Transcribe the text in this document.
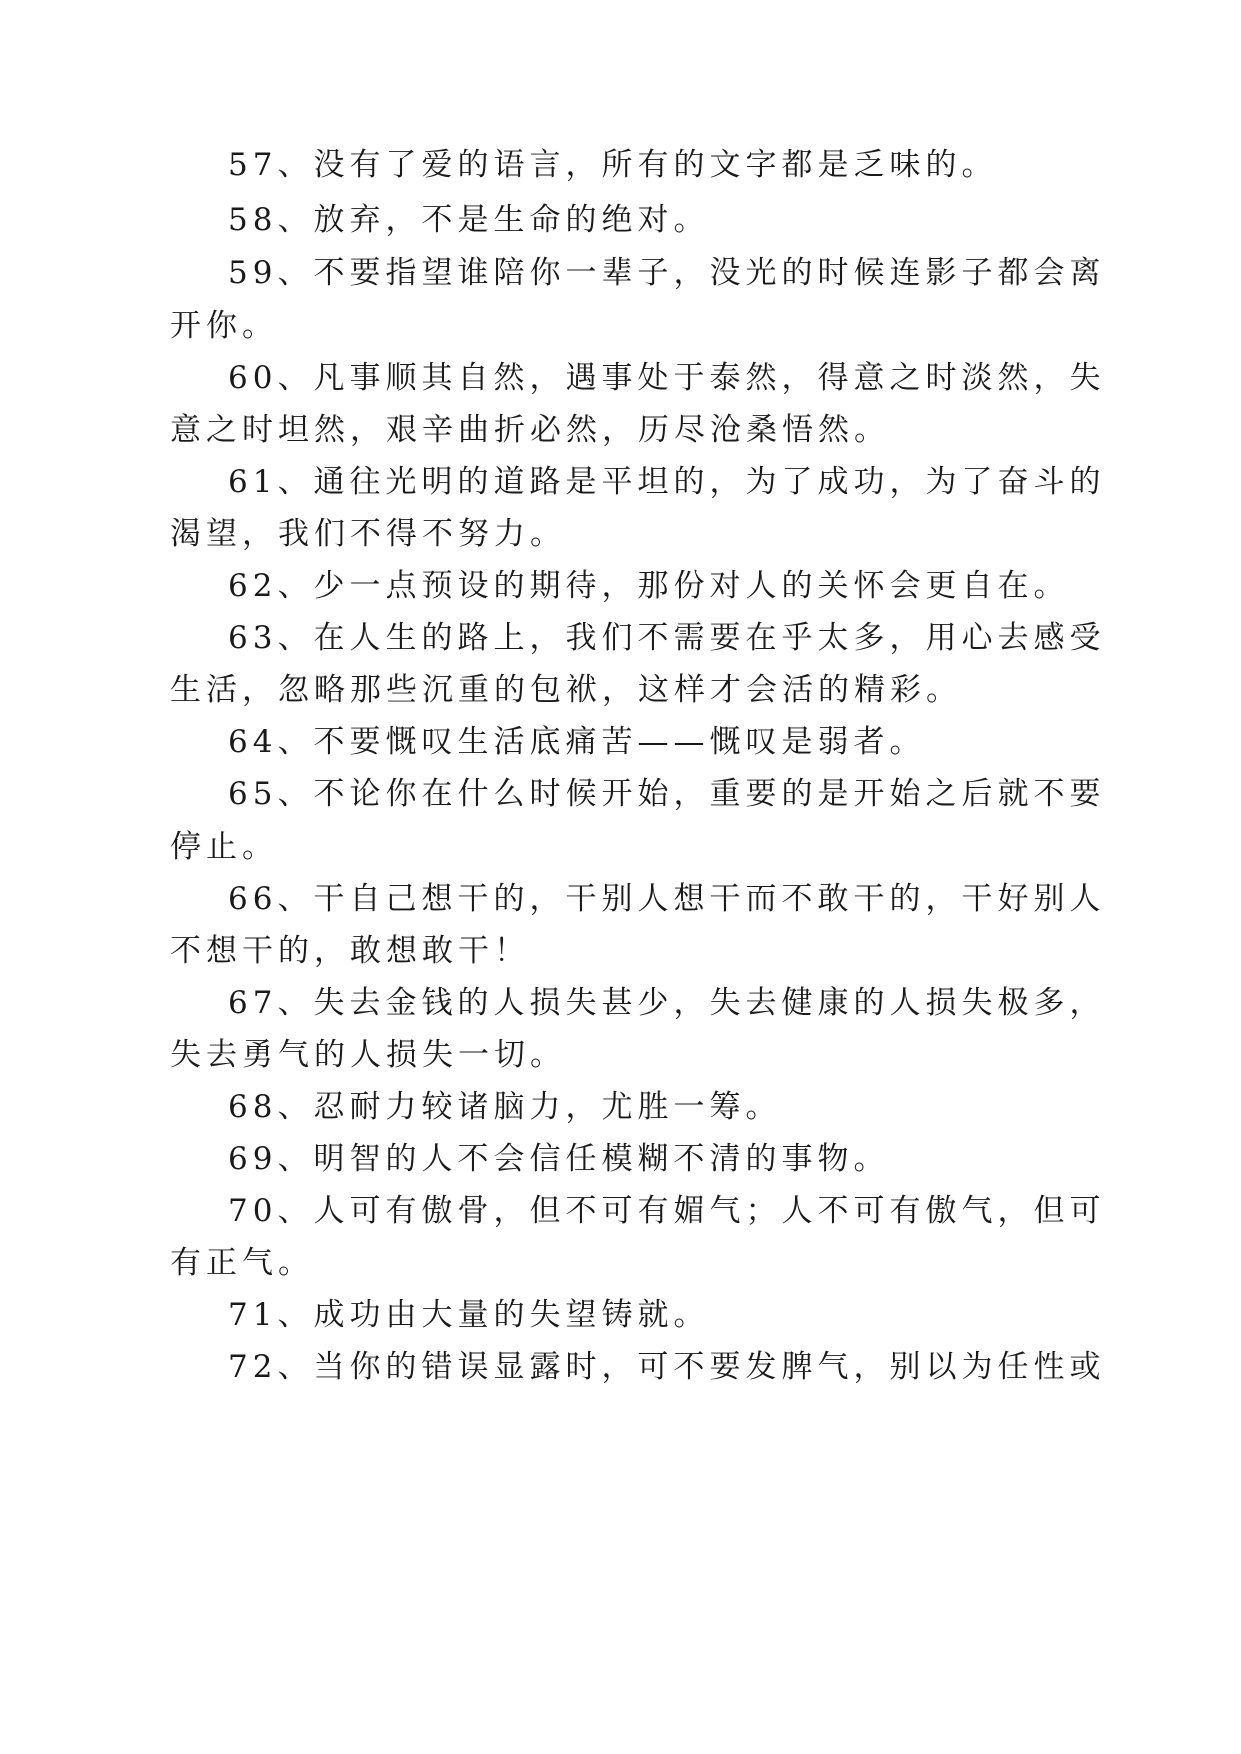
57、没有了爱的语言，所有的文字都是乏味的。
58、放弃，不是生命的绝对。
59、不要指望谁陪你一辈子，没光的时候连影子都会离
开你。
60、凡事顺其自然，遇事处于泰然，得意之时淡然，失
意之时坦然，艰辛曲折必然，历尽沧桑悟然。
61、通往光明的道路是平坦的，为了成功，为了奋斗的
渴望，我们不得不努力。
62、少一点预设的期待，那份对人的关怀会更自在。
63、在人生的路上，我们不需要在乎太多，用心去感受
生活，忽略那些沉重的包袱，这样才会活的精彩。
64、不要慨叹生活底痛苦——慨叹是弱者。
65、不论你在什么时候开始，重要的是开始之后就不要
停止。
66、干自己想干的，干别人想干而不敢干的，干好别人
不想干的，敢想敢干！
67、失去金钱的人损失甚少，失去健康的人损失极多，
失去勇气的人损失一切。
68、忍耐力较诸脑力，尤胜一筹。
69、明智的人不会信任模糊不清的事物。
70、人可有傲骨，但不可有媚气；人不可有傲气，但可
有正气。
71、成功由大量的失望铸就。
72、当你的错误显露时，可不要发脾气，别以为任性或
